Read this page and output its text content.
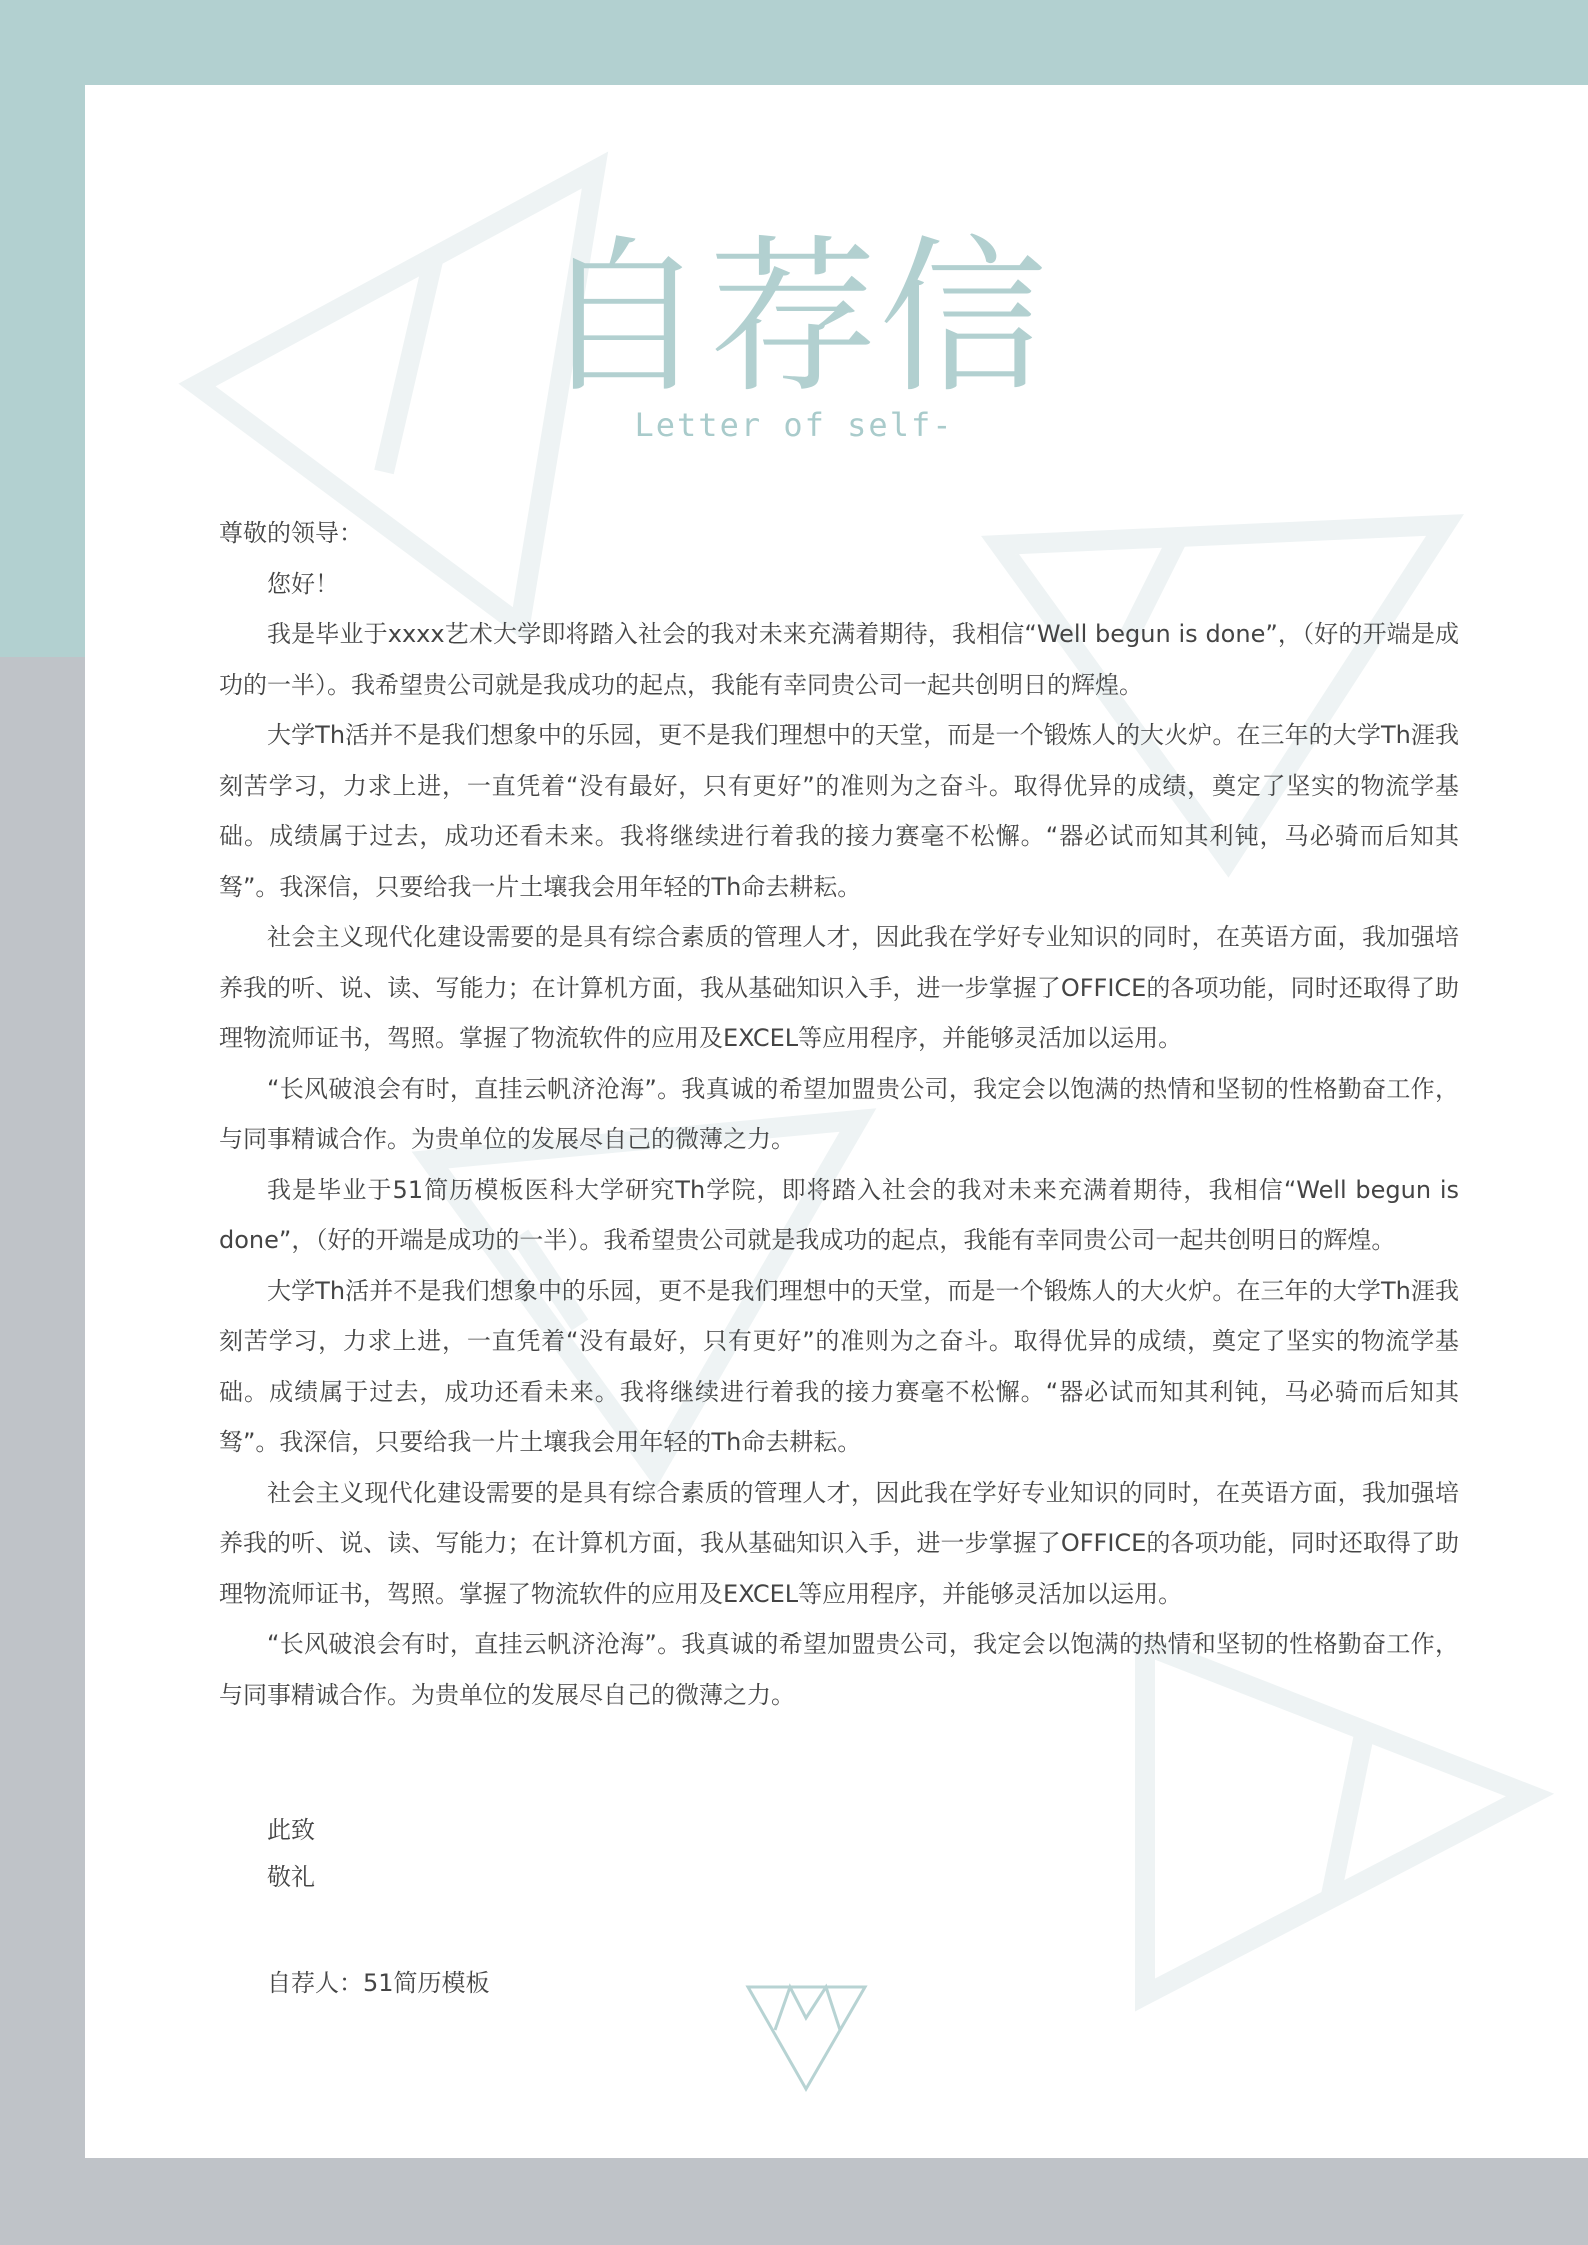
自荐信
Letter of self-

尊敬的领导：

您好！

我是毕业于xxxx艺术大学即将踏入社会的我对未来充满着期待，我相信“Well begun is done”，（好的开端是成功的一半）。我希望贵公司就是我成功的起点，我能有幸同贵公司一起共创明日的辉煌。

大学Th活并不是我们想象中的乐园，更不是我们理想中的天堂，而是一个锻炼人的大火炉。在三年的大学Th涯我刻苦学习，力求上进，一直凭着“没有最好，只有更好”的准则为之奋斗。取得优异的成绩，奠定了坚实的物流学基础。成绩属于过去，成功还看未来。我将继续进行着我的接力赛毫不松懈。“器必试而知其利钝，马必骑而后知其驽”。我深信，只要给我一片土壤我会用年轻的Th命去耕耘。

社会主义现代化建设需要的是具有综合素质的管理人才，因此我在学好专业知识的同时，在英语方面，我加强培养我的听、说、读、写能力；在计算机方面，我从基础知识入手，进一步掌握了OFFICE的各项功能，同时还取得了助理物流师证书，驾照。掌握了物流软件的应用及EXCEL等应用程序，并能够灵活加以运用。

“长风破浪会有时，直挂云帆济沧海”。我真诚的希望加盟贵公司，我定会以饱满的热情和坚韧的性格勤奋工作，与同事精诚合作。为贵单位的发展尽自己的微薄之力。

我是毕业于51简历模板医科大学研究Th学院，即将踏入社会的我对未来充满着期待，我相信“Well begun is done”，（好的开端是成功的一半）。我希望贵公司就是我成功的起点，我能有幸同贵公司一起共创明日的辉煌。

大学Th活并不是我们想象中的乐园，更不是我们理想中的天堂，而是一个锻炼人的大火炉。在三年的大学Th涯我刻苦学习，力求上进，一直凭着“没有最好，只有更好”的准则为之奋斗。取得优异的成绩，奠定了坚实的物流学基础。成绩属于过去，成功还看未来。我将继续进行着我的接力赛毫不松懈。“器必试而知其利钝，马必骑而后知其驽”。我深信，只要给我一片土壤我会用年轻的Th命去耕耘。

社会主义现代化建设需要的是具有综合素质的管理人才，因此我在学好专业知识的同时，在英语方面，我加强培养我的听、说、读、写能力；在计算机方面，我从基础知识入手，进一步掌握了OFFICE的各项功能，同时还取得了助理物流师证书，驾照。掌握了物流软件的应用及EXCEL等应用程序，并能够灵活加以运用。

“长风破浪会有时，直挂云帆济沧海”。我真诚的希望加盟贵公司，我定会以饱满的热情和坚韧的性格勤奋工作，与同事精诚合作。为贵单位的发展尽自己的微薄之力。

此致
敬礼
自荐人：51简历模板
